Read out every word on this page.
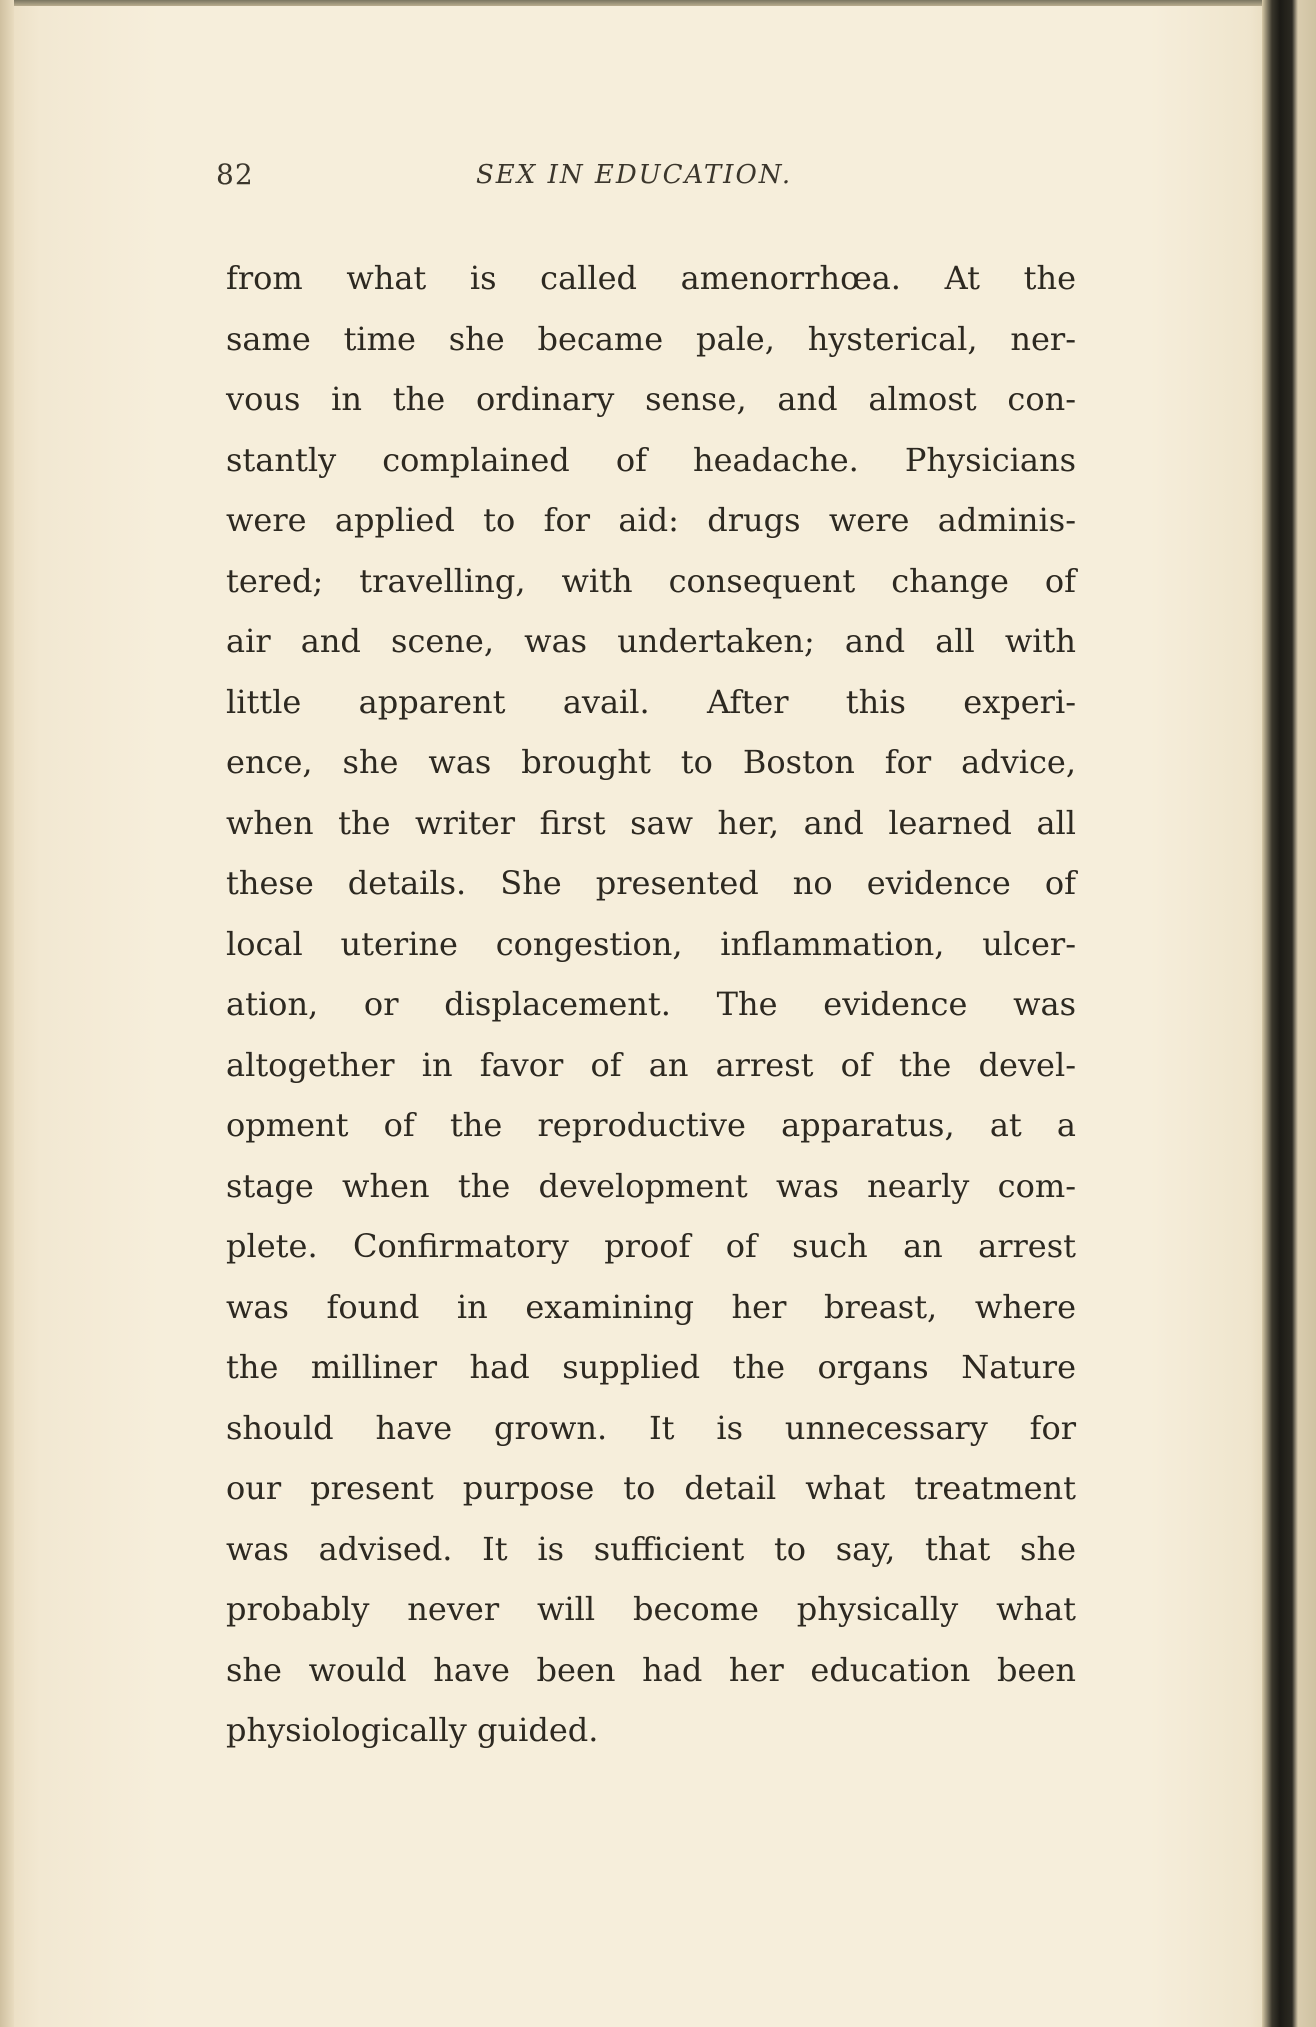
82	SEX IN EDUCATION.
from what is called amenorrhœa. At the
same time she became pale, hysterical, ner-
vous in the ordinary sense, and almost con-
stantly complained of headache. Physicians
were applied to for aid: drugs were adminis-
tered; travelling, with consequent change of
air and scene, was undertaken; and all with
little apparent avail. After this experi-
ence, she was brought to Boston for advice,
when the writer first saw her, and learned all
these details. She presented no evidence of
local uterine congestion, inflammation, ulcer-
ation, or displacement. The evidence was
altogether in favor of an arrest of the devel-
opment of the reproductive apparatus, at a
stage when the development was nearly com-
plete. Confirmatory proof of such an arrest
was found in examining her breast, where
the milliner had supplied the organs Nature
should have grown. It is unnecessary for
our present purpose to detail what treatment
was advised. It is sufficient to say, that she
probably never will become physically what
she would have been had her education been
physiologically guided.
